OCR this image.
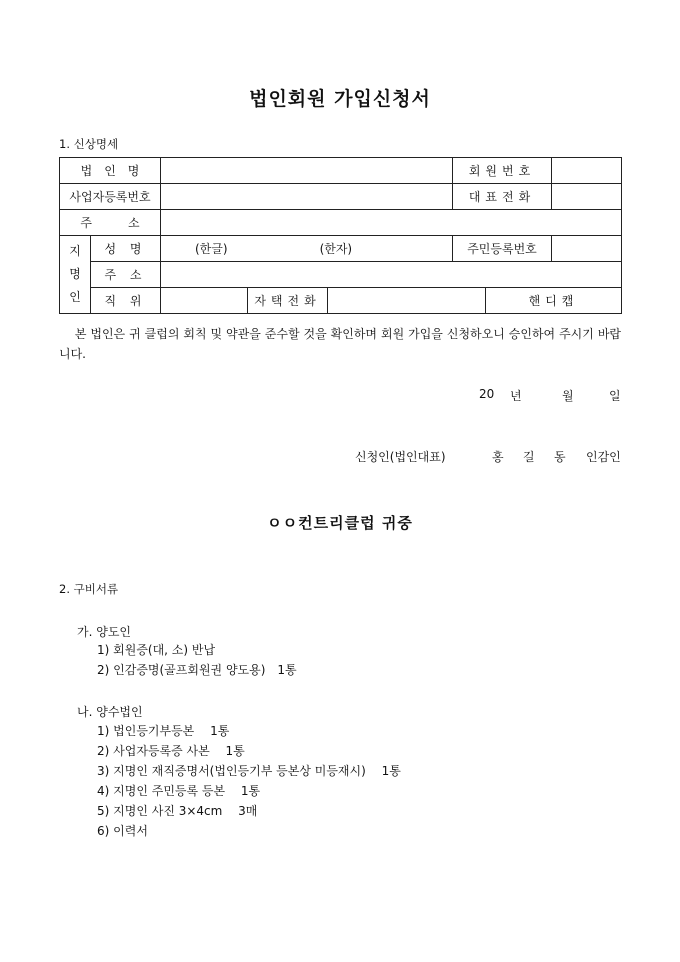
법인회원 가입신청서
1. 신상명세
법　인　명					회원번호			
사업자등록번호					대표전화			
주　　　소								

지
명
인	성 명	(한글) (한자)			주민등록번호			
	주 소							
	직 위		자택전화			핸디캡		
본 법인은 귀 클럽의 회칙 및 약관을 준수할 것을 확인하며 회원 가입을 신청하오니 승인하여 주시기 바랍니다.
20 년	월	일
신청인(법인대표)	홍 길 동 인감인
ㅇㅇ컨트리클럽 귀중
2. 구비서류
가. 양도인
1) 회원증(대, 소) 반납
2) 인감증명(골프회원권 양도용)　1통
나. 양수법인
1) 법인등기부등본　 1통
2) 사업자등록증 사본　 1통
3) 지명인 재직증명서(법인등기부 등본상 미등재시)　 1통
4) 지명인 주민등록 등본　 1통
5) 지명인 사진 3×4cm　 3매
6) 이력서
